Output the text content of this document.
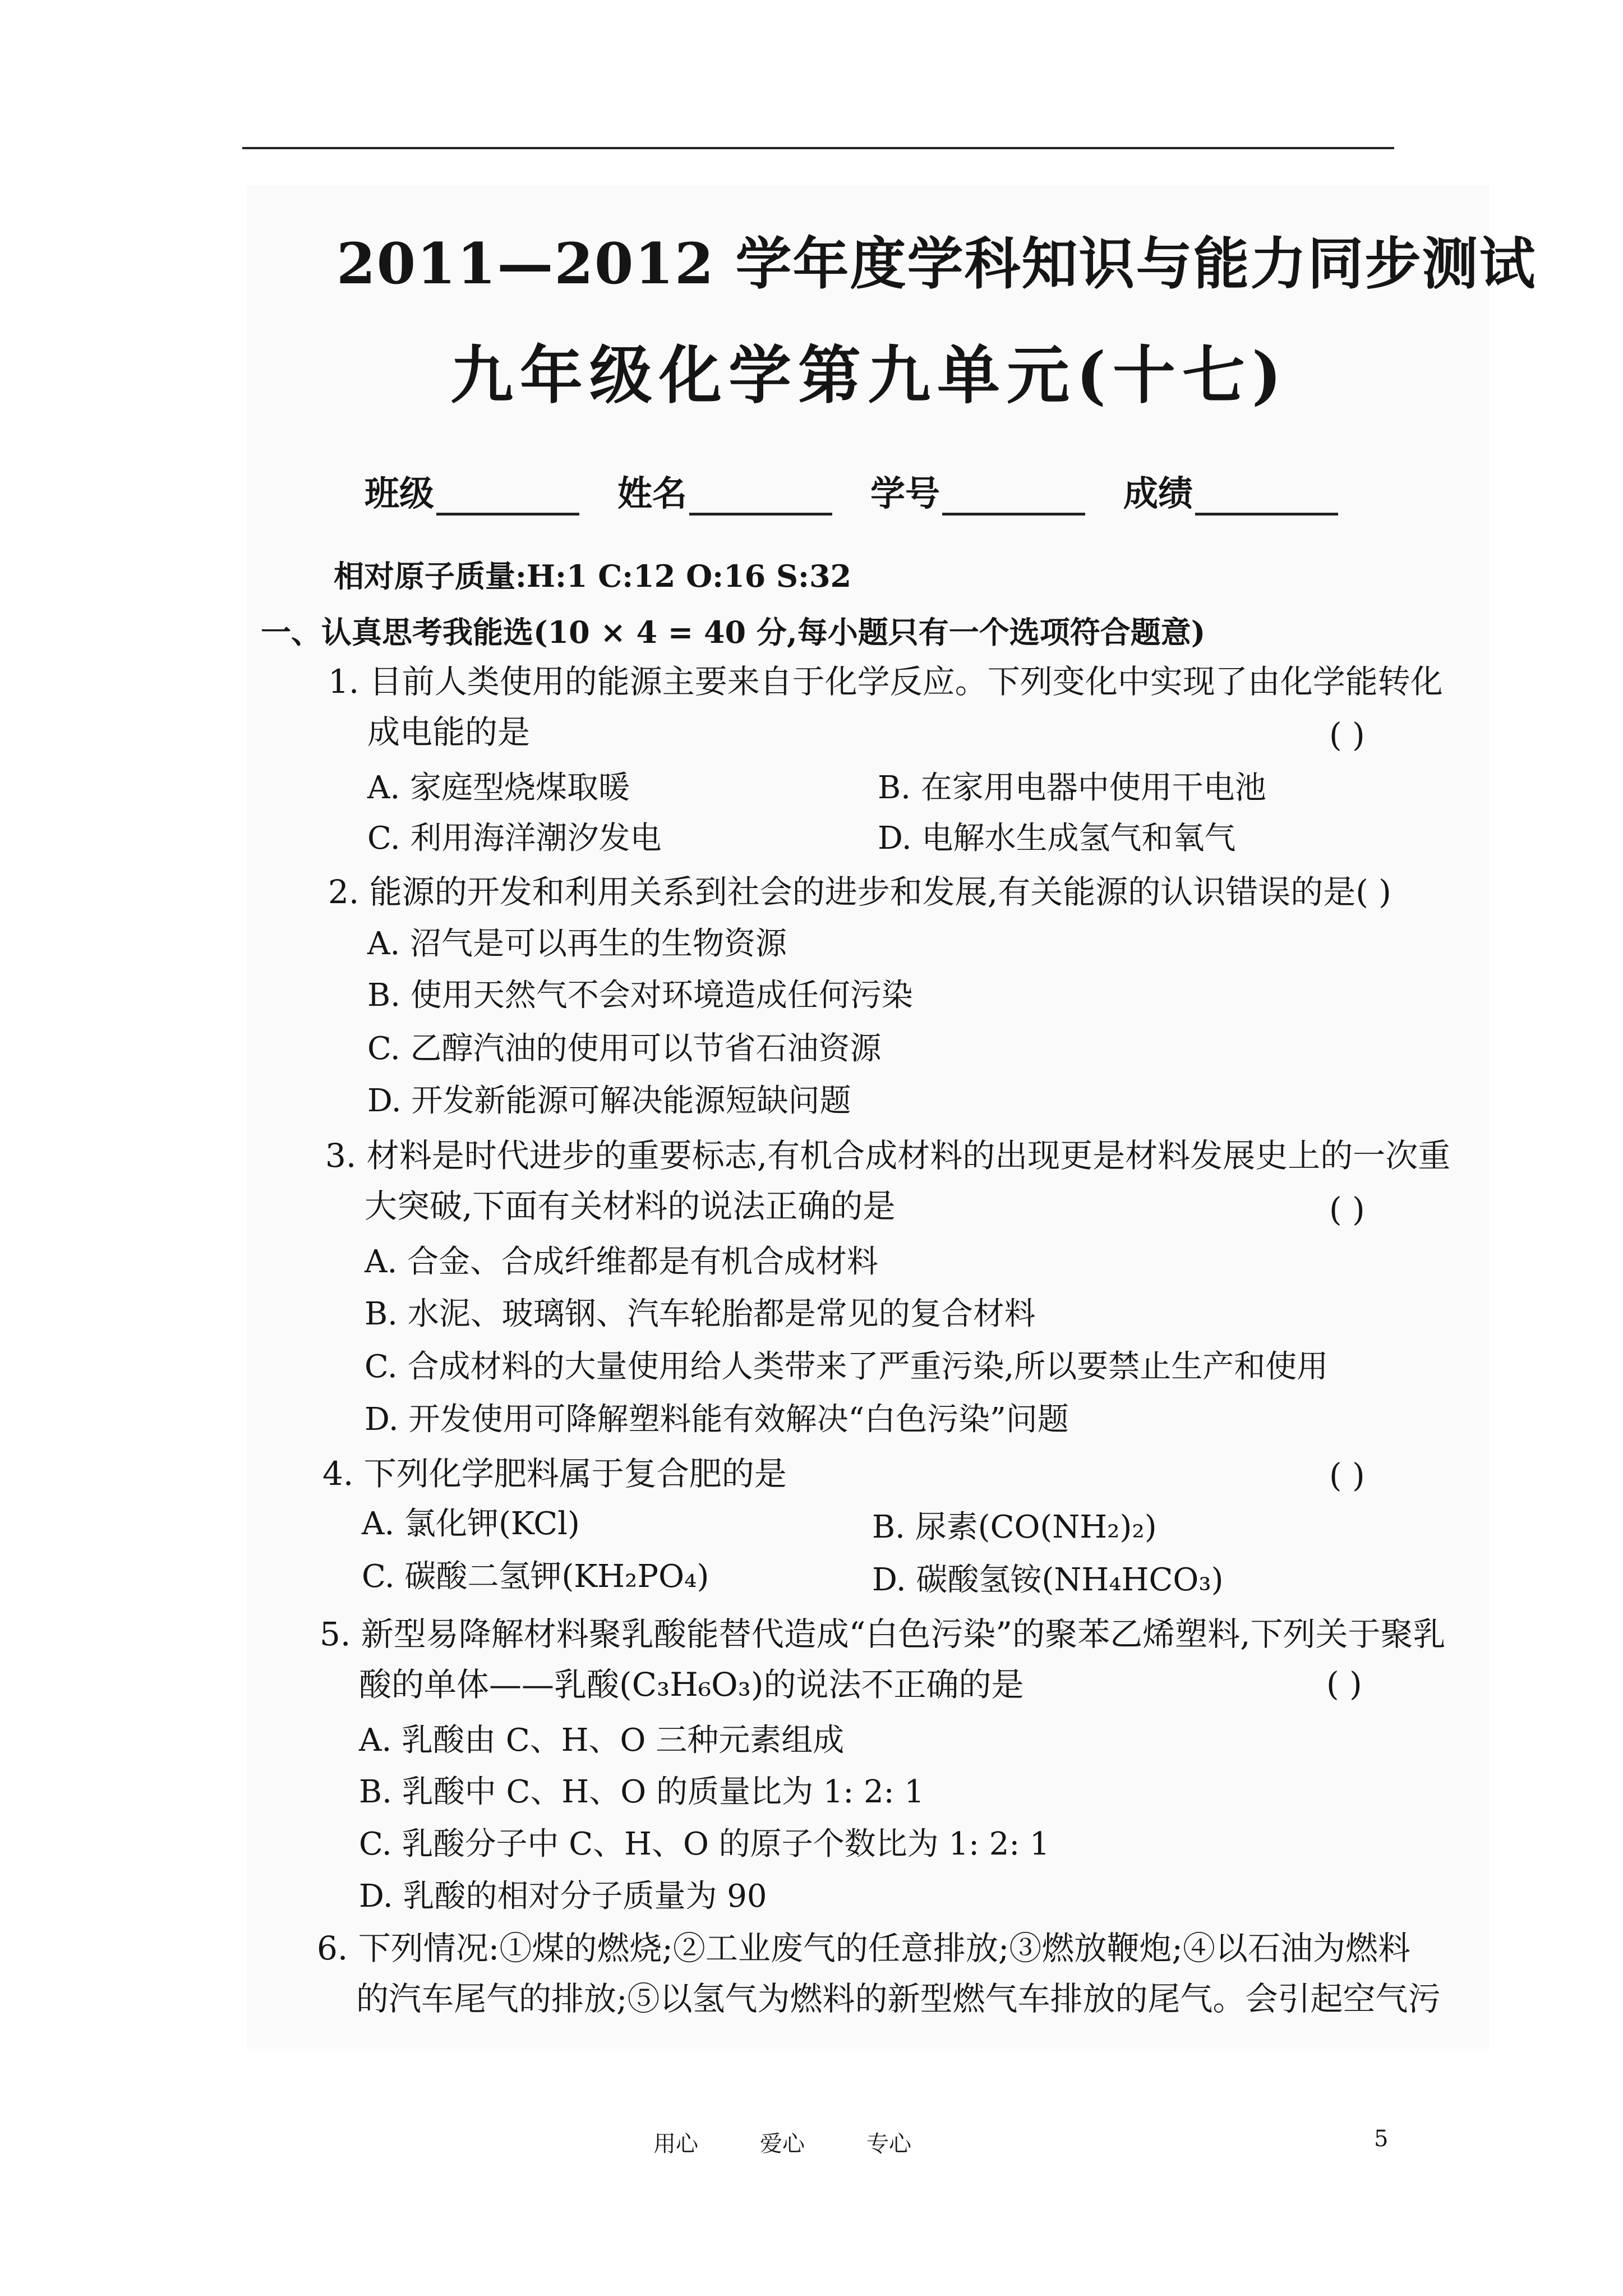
2011—2012 学年度学科知识与能力同步测试
九年级化学第九单元(十七)
班级	姓名	学号	成绩
相对原子质量:H:1 C:12 O:16 S:32
一、认真思考我能选(10 × 4 = 40 分,每小题只有一个选项符合题意)
1. 目前人类使用的能源主要来自于化学反应。下列变化中实现了由化学能转化
成电能的是	( )
A. 家庭型烧煤取暖	B. 在家用电器中使用干电池
C. 利用海洋潮汐发电	D. 电解水生成氢气和氧气
2. 能源的开发和利用关系到社会的进步和发展,有关能源的认识错误的是( )
A. 沼气是可以再生的生物资源
B. 使用天然气不会对环境造成任何污染
C. 乙醇汽油的使用可以节省石油资源
D. 开发新能源可解决能源短缺问题
3. 材料是时代进步的重要标志,有机合成材料的出现更是材料发展史上的一次重
大突破,下面有关材料的说法正确的是	( )
A. 合金、合成纤维都是有机合成材料
B. 水泥、玻璃钢、汽车轮胎都是常见的复合材料
C. 合成材料的大量使用给人类带来了严重污染,所以要禁止生产和使用
D. 开发使用可降解塑料能有效解决“白色污染”问题
4. 下列化学肥料属于复合肥的是	( )
A. 氯化钾(KCl)	B. 尿素(CO(NH₂)₂)
C. 碳酸二氢钾(KH₂PO₄)	D. 碳酸氢铵(NH₄HCO₃)
5. 新型易降解材料聚乳酸能替代造成“白色污染”的聚苯乙烯塑料,下列关于聚乳
酸的单体——乳酸(C₃H₆O₃)的说法不正确的是	( )
A. 乳酸由 C、H、O 三种元素组成
B. 乳酸中 C、H、O 的质量比为 1: 2: 1
C. 乳酸分子中 C、H、O 的原子个数比为 1: 2: 1
D. 乳酸的相对分子质量为 90
6. 下列情况:①煤的燃烧;②工业废气的任意排放;③燃放鞭炮;④以石油为燃料
的汽车尾气的排放;⑤以氢气为燃料的新型燃气车排放的尾气。会引起空气污
用心	爱心	专心	5
